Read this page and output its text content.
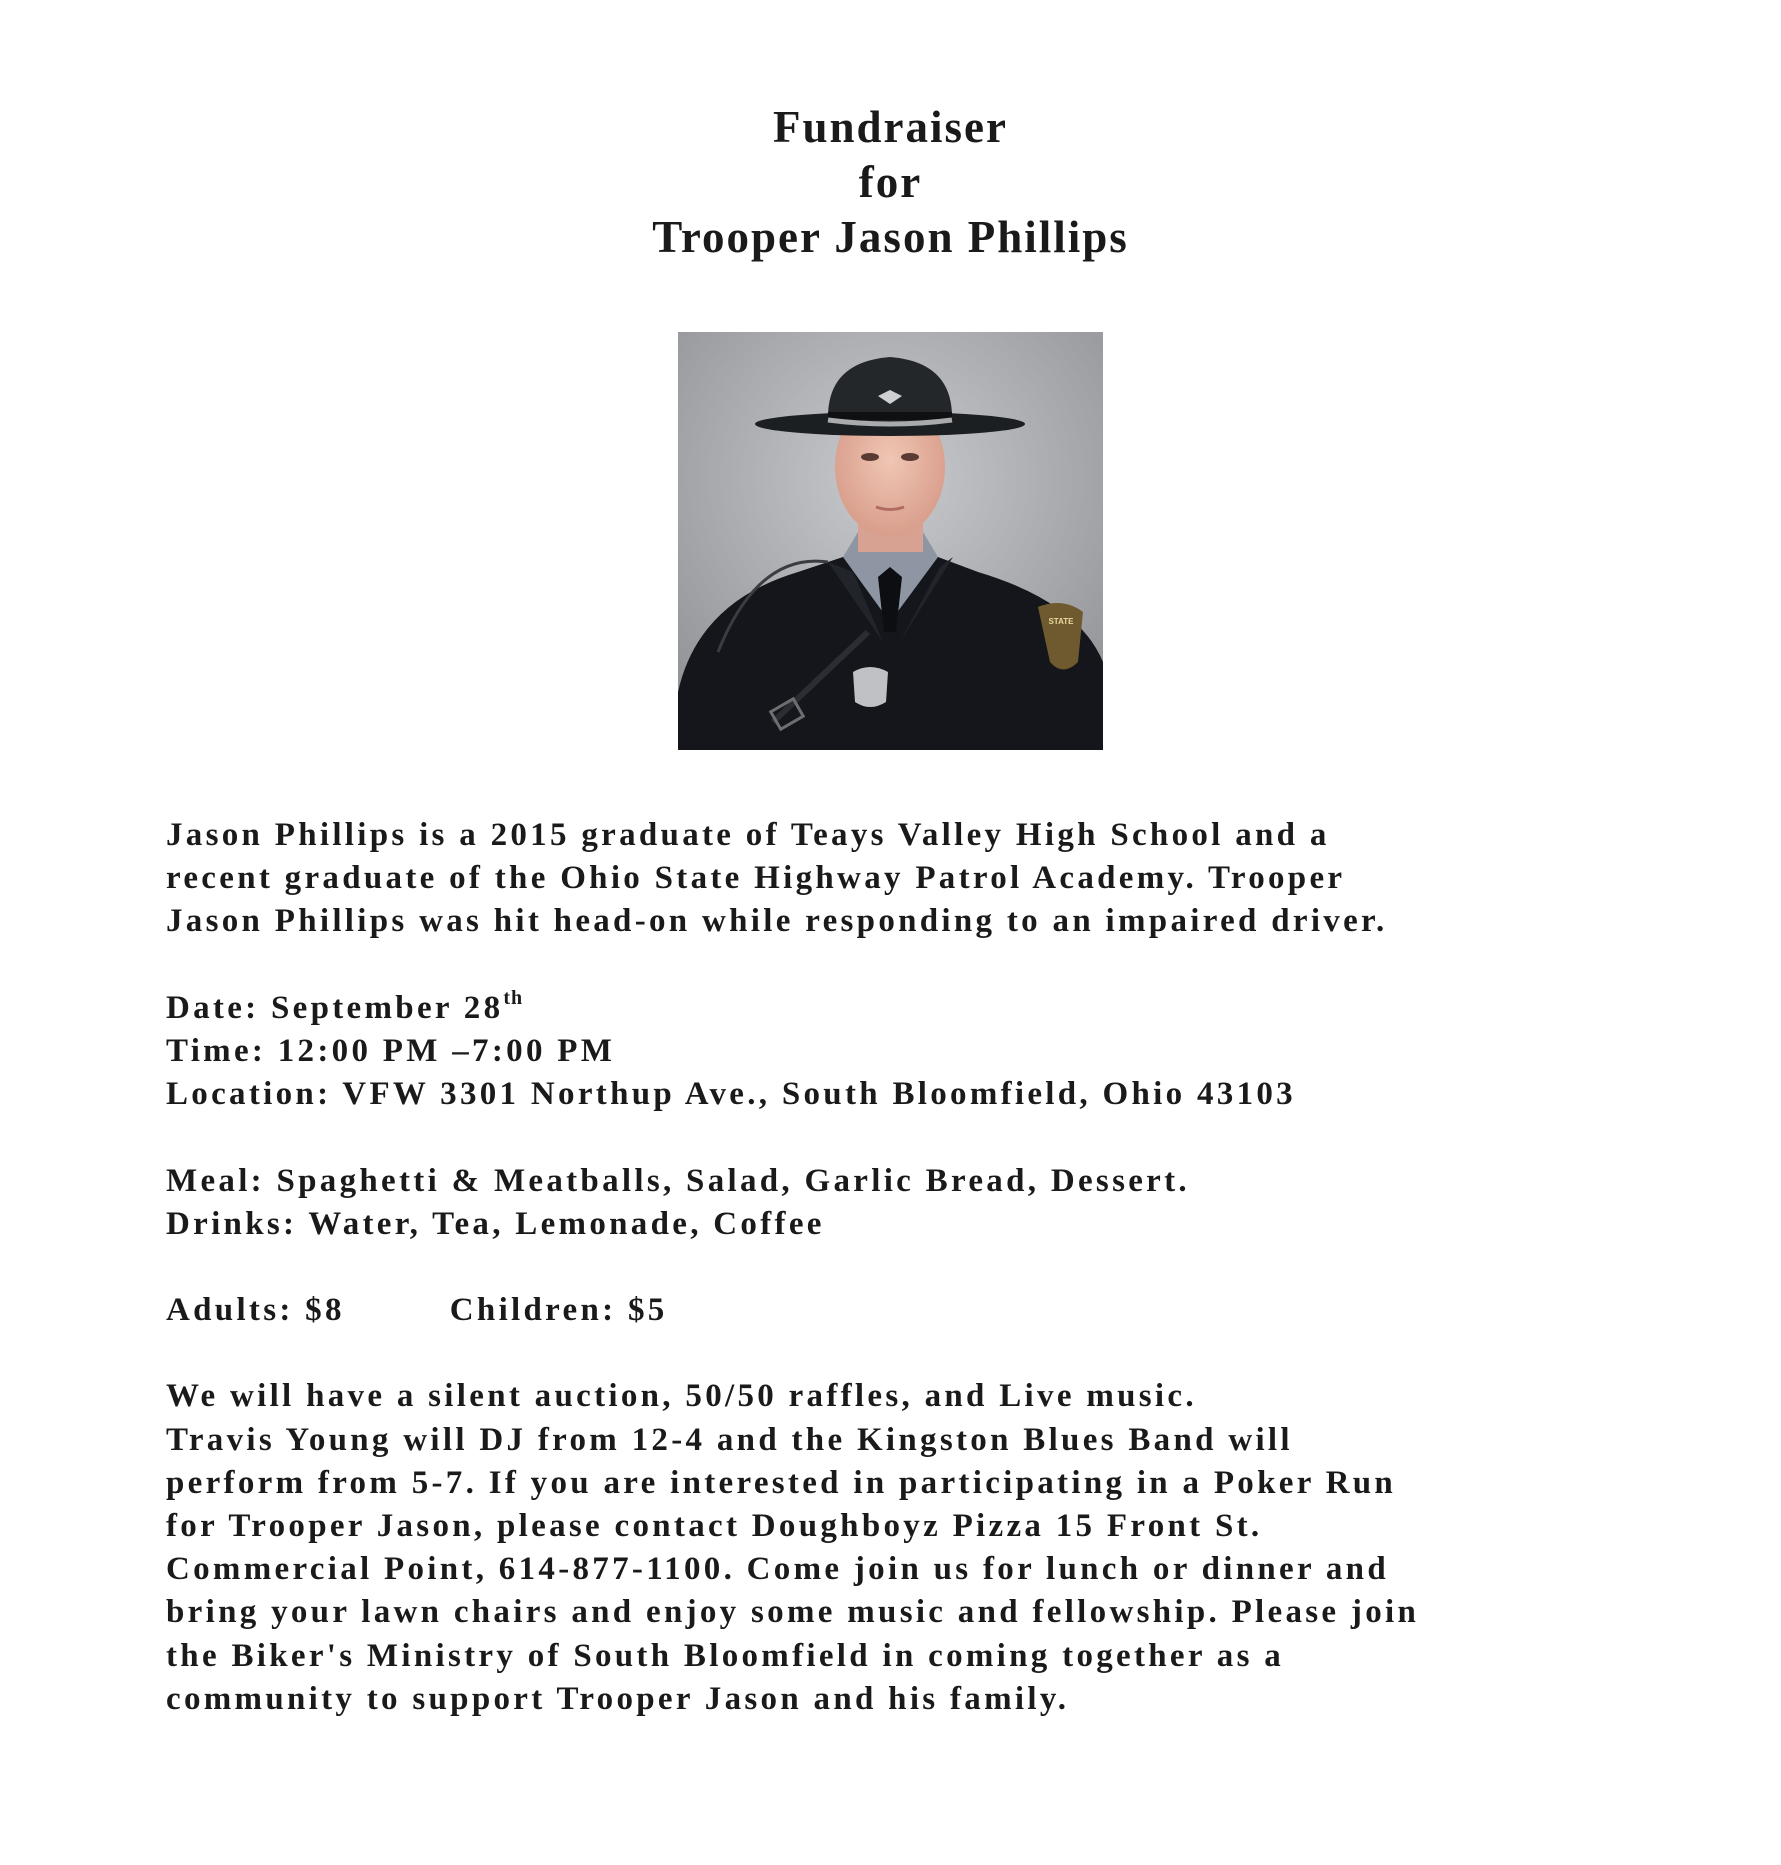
Fundraiser
for
Trooper Jason Phillips
STATE
Jason Phillips is a 2015 graduate of Teays Valley High School and a
recent graduate of the Ohio State Highway Patrol Academy. Trooper
Jason Phillips was hit head-on while responding to an impaired driver.
Date: September 28th
Time: 12:00 PM –7:00 PM
Location: VFW 3301 Northup Ave., South Bloomfield, Ohio 43103
Meal: Spaghetti & Meatballs, Salad, Garlic Bread, Dessert.
Drinks: Water, Tea, Lemonade, Coffee
Adults: $8	Children: $5
We will have a silent auction, 50/50 raffles, and Live music.
Travis Young will DJ from 12-4 and the Kingston Blues Band will
perform from 5-7. If you are interested in participating in a Poker Run
for Trooper Jason, please contact Doughboyz Pizza 15 Front St.
Commercial Point, 614-877-1100. Come join us for lunch or dinner and
bring your lawn chairs and enjoy some music and fellowship. Please join
the Biker's Ministry of South Bloomfield in coming together as a
community to support Trooper Jason and his family.
